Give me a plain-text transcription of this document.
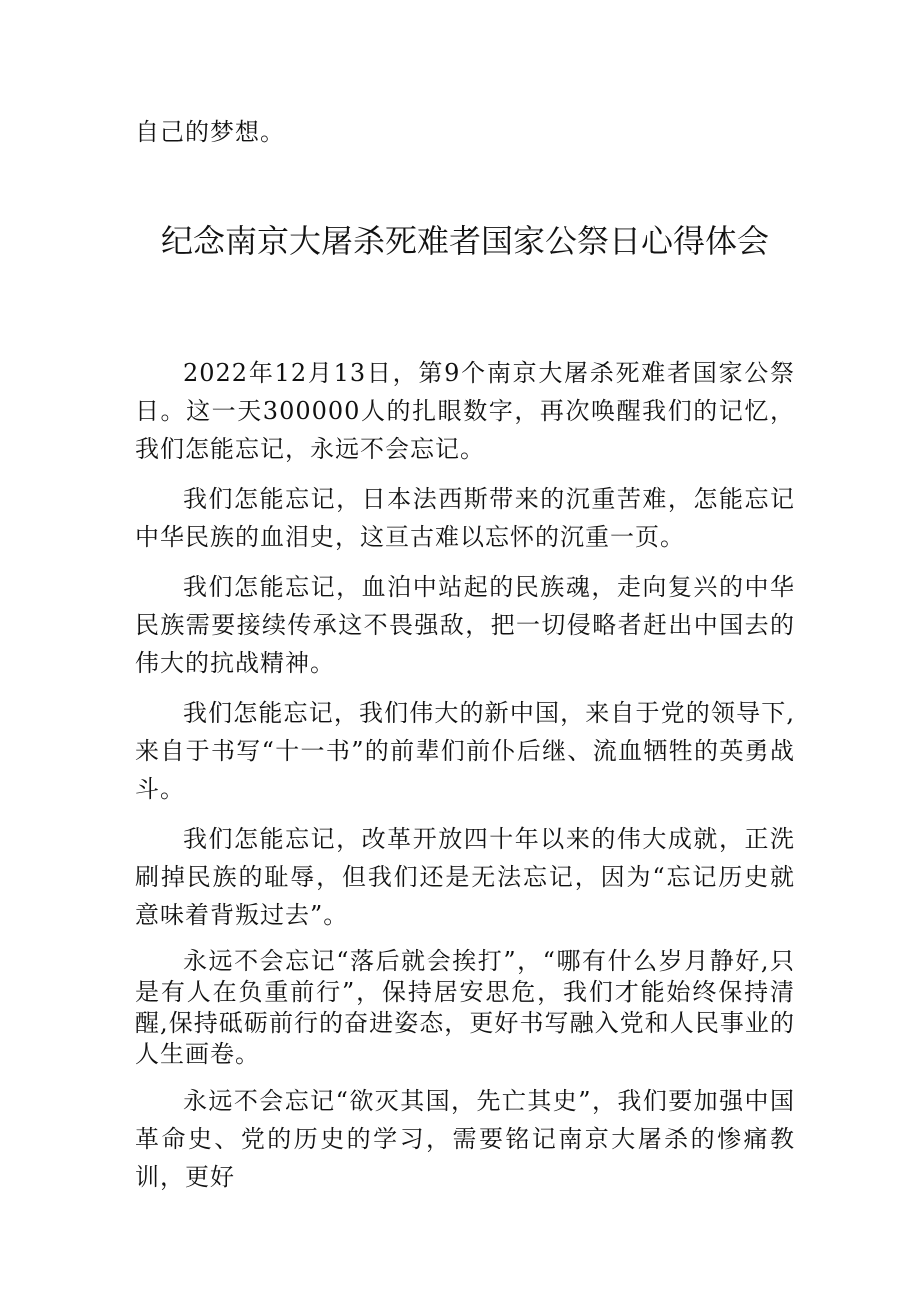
自己的梦想。

纪念南京大屠杀死难者国家公祭日心得体会

2022年12月13日，第9个南京大屠杀死难者国家公祭日。这一天300000人的扎眼数字，再次唤醒我们的记忆，我们怎能忘记，永远不会忘记。

我们怎能忘记，日本法西斯带来的沉重苦难，怎能忘记中华民族的血泪史，这亘古难以忘怀的沉重一页。

我们怎能忘记，血泊中站起的民族魂，走向复兴的中华民族需要接续传承这不畏强敌，把一切侵略者赶出中国去的伟大的抗战精神。

我们怎能忘记，我们伟大的新中国，来自于党的领导下,来自于书写“十一书”的前辈们前仆后继、流血牺牲的英勇战斗。

我们怎能忘记，改革开放四十年以来的伟大成就，正洗刷掉民族的耻辱，但我们还是无法忘记，因为“忘记历史就意味着背叛过去”。

永远不会忘记“落后就会挨打”，“哪有什么岁月静好,只是有人在负重前行”，保持居安思危，我们才能始终保持清醒,保持砥砺前行的奋进姿态，更好书写融入党和人民事业的人生画卷。

永远不会忘记“欲灭其国，先亡其史”，我们要加强中国革命史、党的历史的学习，需要铭记南京大屠杀的惨痛教训，更好
